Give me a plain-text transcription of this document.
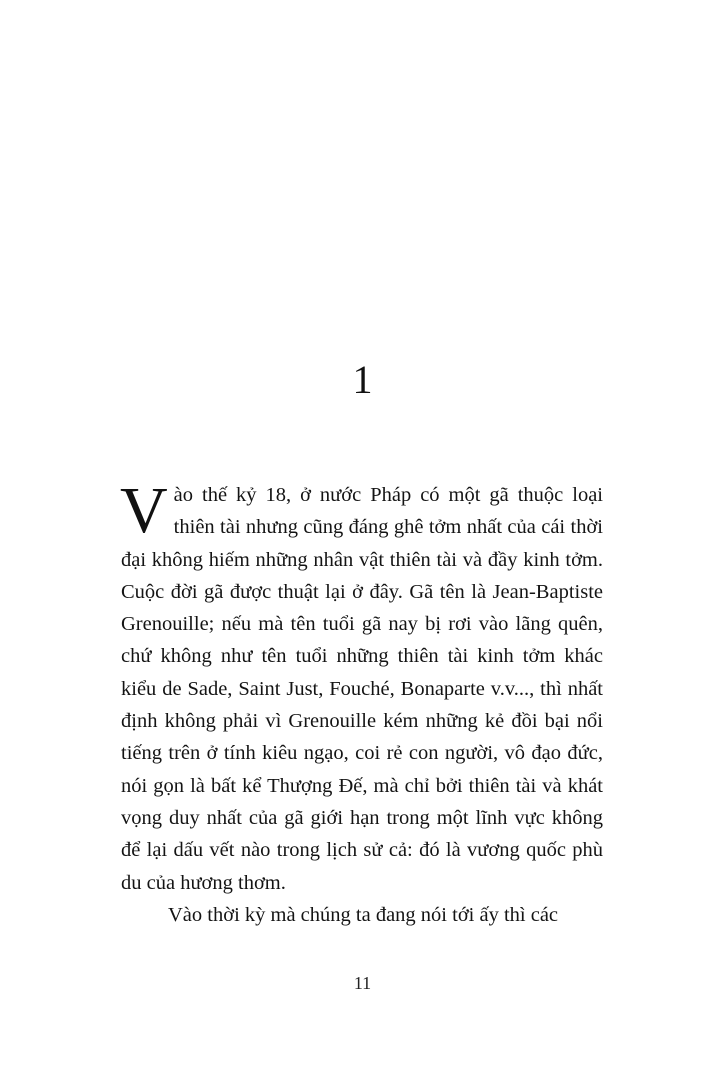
1

Vào thế kỷ 18, ở nước Pháp có một gã thuộc loại thiên tài nhưng cũng đáng ghê tởm nhất của cái thời đại không hiếm những nhân vật thiên tài và đầy kinh tởm. Cuộc đời gã được thuật lại ở đây. Gã tên là Jean-Baptiste Grenouille; nếu mà tên tuổi gã nay bị rơi vào lãng quên, chứ không như tên tuổi những thiên tài kinh tởm khác kiểu de Sade, Saint Just, Fouché, Bonaparte v.v..., thì nhất định không phải vì Grenouille kém những kẻ đồi bại nổi tiếng trên ở tính kiêu ngạo, coi rẻ con người, vô đạo đức, nói gọn là bất kể Thượng Đế, mà chỉ bởi thiên tài và khát vọng duy nhất của gã giới hạn trong một lĩnh vực không để lại dấu vết nào trong lịch sử cả: đó là vương quốc phù du của hương thơm.

Vào thời kỳ mà chúng ta đang nói tới ấy thì các

11
